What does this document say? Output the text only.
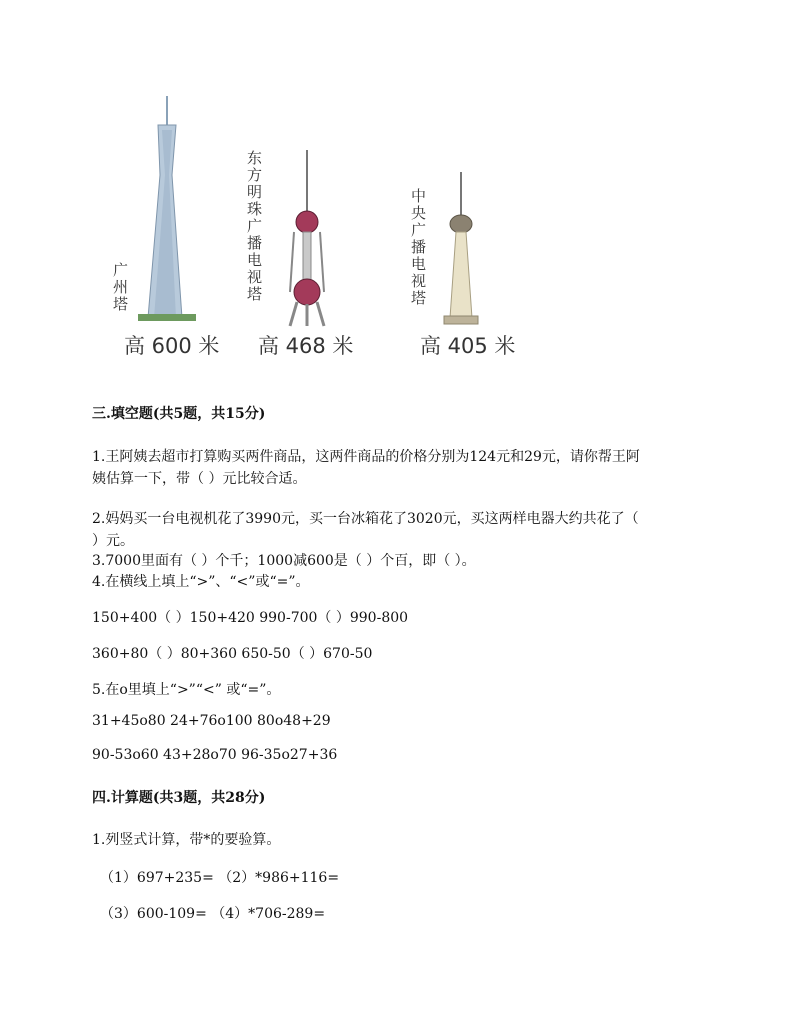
广州塔	东方明珠广播电视塔	中央广播电视塔
高 600 米 高 468 米	高 405 米
三.填空题(共5题，共15分)
1.王阿姨去超市打算购买两件商品，这两件商品的价格分别为124元和29元，请你帮王阿
姨估算一下，带（ ）元比较合适。
2.妈妈买一台电视机花了3990元，买一台冰箱花了3020元，买这两样电器大约共花了（
）元。
3.7000里面有（ ）个千；1000减600是（ ）个百，即（ ）。
4.在横线上填上“>”、“<”或“=”。
150+400（ ）150+420 990-700（ ）990-800
360+80（ ）80+360 650-50（ ）670-50
5.在o里填上“>”“<” 或“=”。
31+45o80 24+76o100 80o48+29
90-53o60 43+28o70 96-35o27+36
四.计算题(共3题，共28分)
1.列竖式计算，带*的要验算。
（1）697+235= （2）*986+116=
（3）600-109= （4）*706-289=
